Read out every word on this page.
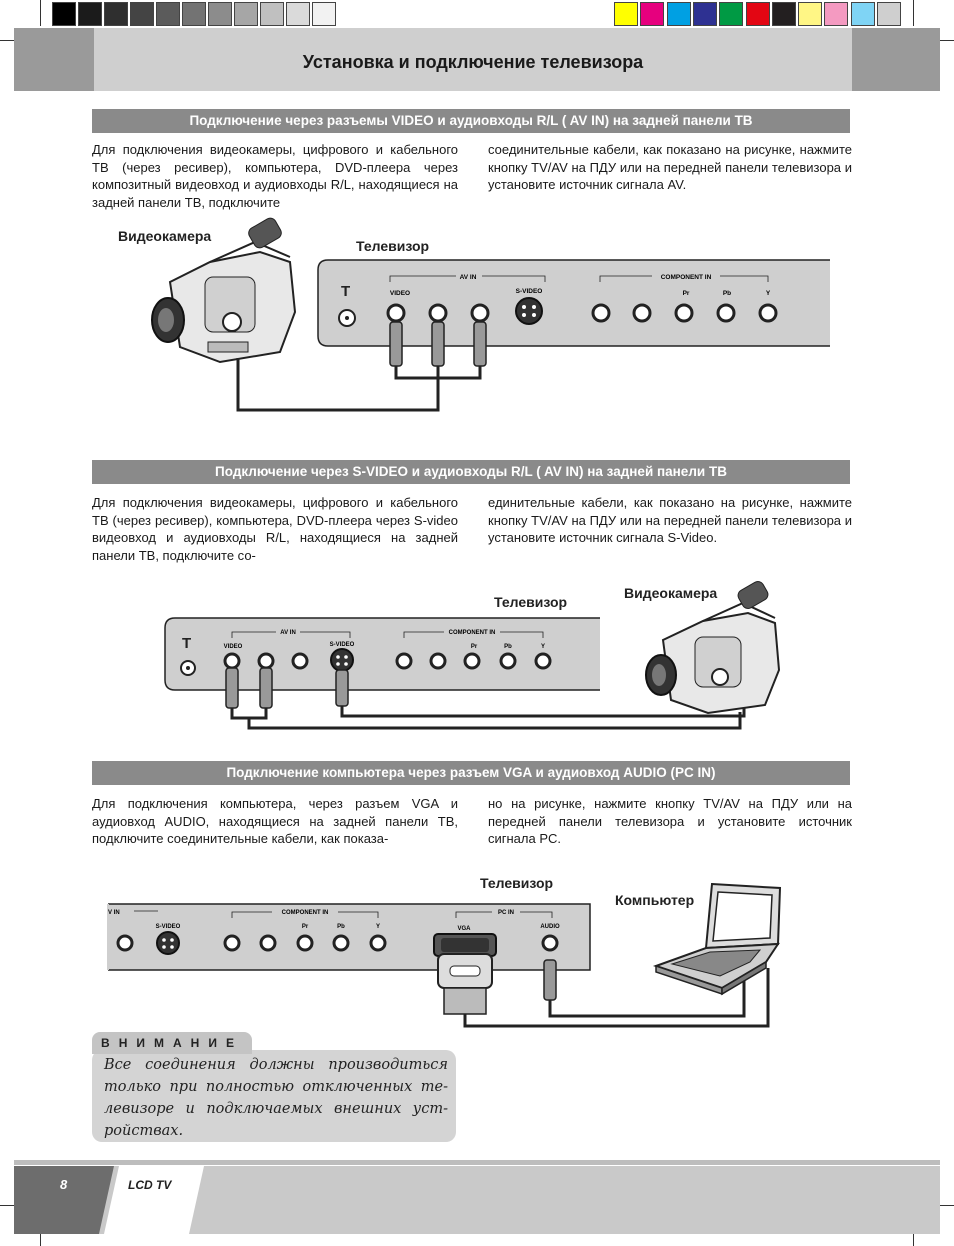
Установка и подключение телевизора
Подключение через разъемы VIDEO и аудиовходы R/L ( AV IN) на задней панели ТВ
Для подключения видеокамеры, цифрового и кабельного ТВ (через ресивер), компьютера, DVD-плеера через композитный видеовход и аудиовходы R/L, находящиеся на задней панели ТВ, подключите
соединительные кабели, как показано на рисунке, нажмите кнопку TV/AV на ПДУ или на передней панели телевизора и установите источник сигнала AV.
Видеокамера
Телевизор
T
AV IN	COMPONENT IN
VIDEO	S-VIDEO	Pr	Pb	Y
T
AV IN	COMPONENT IN
VIDEO	S-VIDEO	Pr	Pb	Y
V IN	COMPONENT IN	PC IN
S-VIDEO	Pr	Pb	Y	VGA	AUDIO
Подключение через S-VIDEO и аудиовходы R/L ( AV IN) на задней панели ТВ
Для подключения видеокамеры, цифрового и кабельного ТВ (через ресивер), компьютера, DVD-плеера через S-video видеовход и аудиовходы R/L, находящиеся на задней панели ТВ, подключите со-
единительные кабели, как показано на рисунке, нажмите кнопку TV/AV на ПДУ или на передней панели телевизора и установите источник сигнала S-Video.
Телевизор
Видеокамера
Подключение компьютера через разъем VGA и аудиовход AUDIO (PC IN)
Для подключения компьютера, через разъем VGA и аудиовход AUDIO, находящиеся на задней панели ТВ, подключите соединительные кабели, как показа-
но на рисунке, нажмите кнопку TV/AV на ПДУ или на передней панели телевизора и установите источник сигнала PC.
Телевизор
Компьютер
ВНИМАНИЕ
Все соединения должны производиться только при полностью отключенных телевизоре и подключаемых внешних устройствах.
8	LCD TV
